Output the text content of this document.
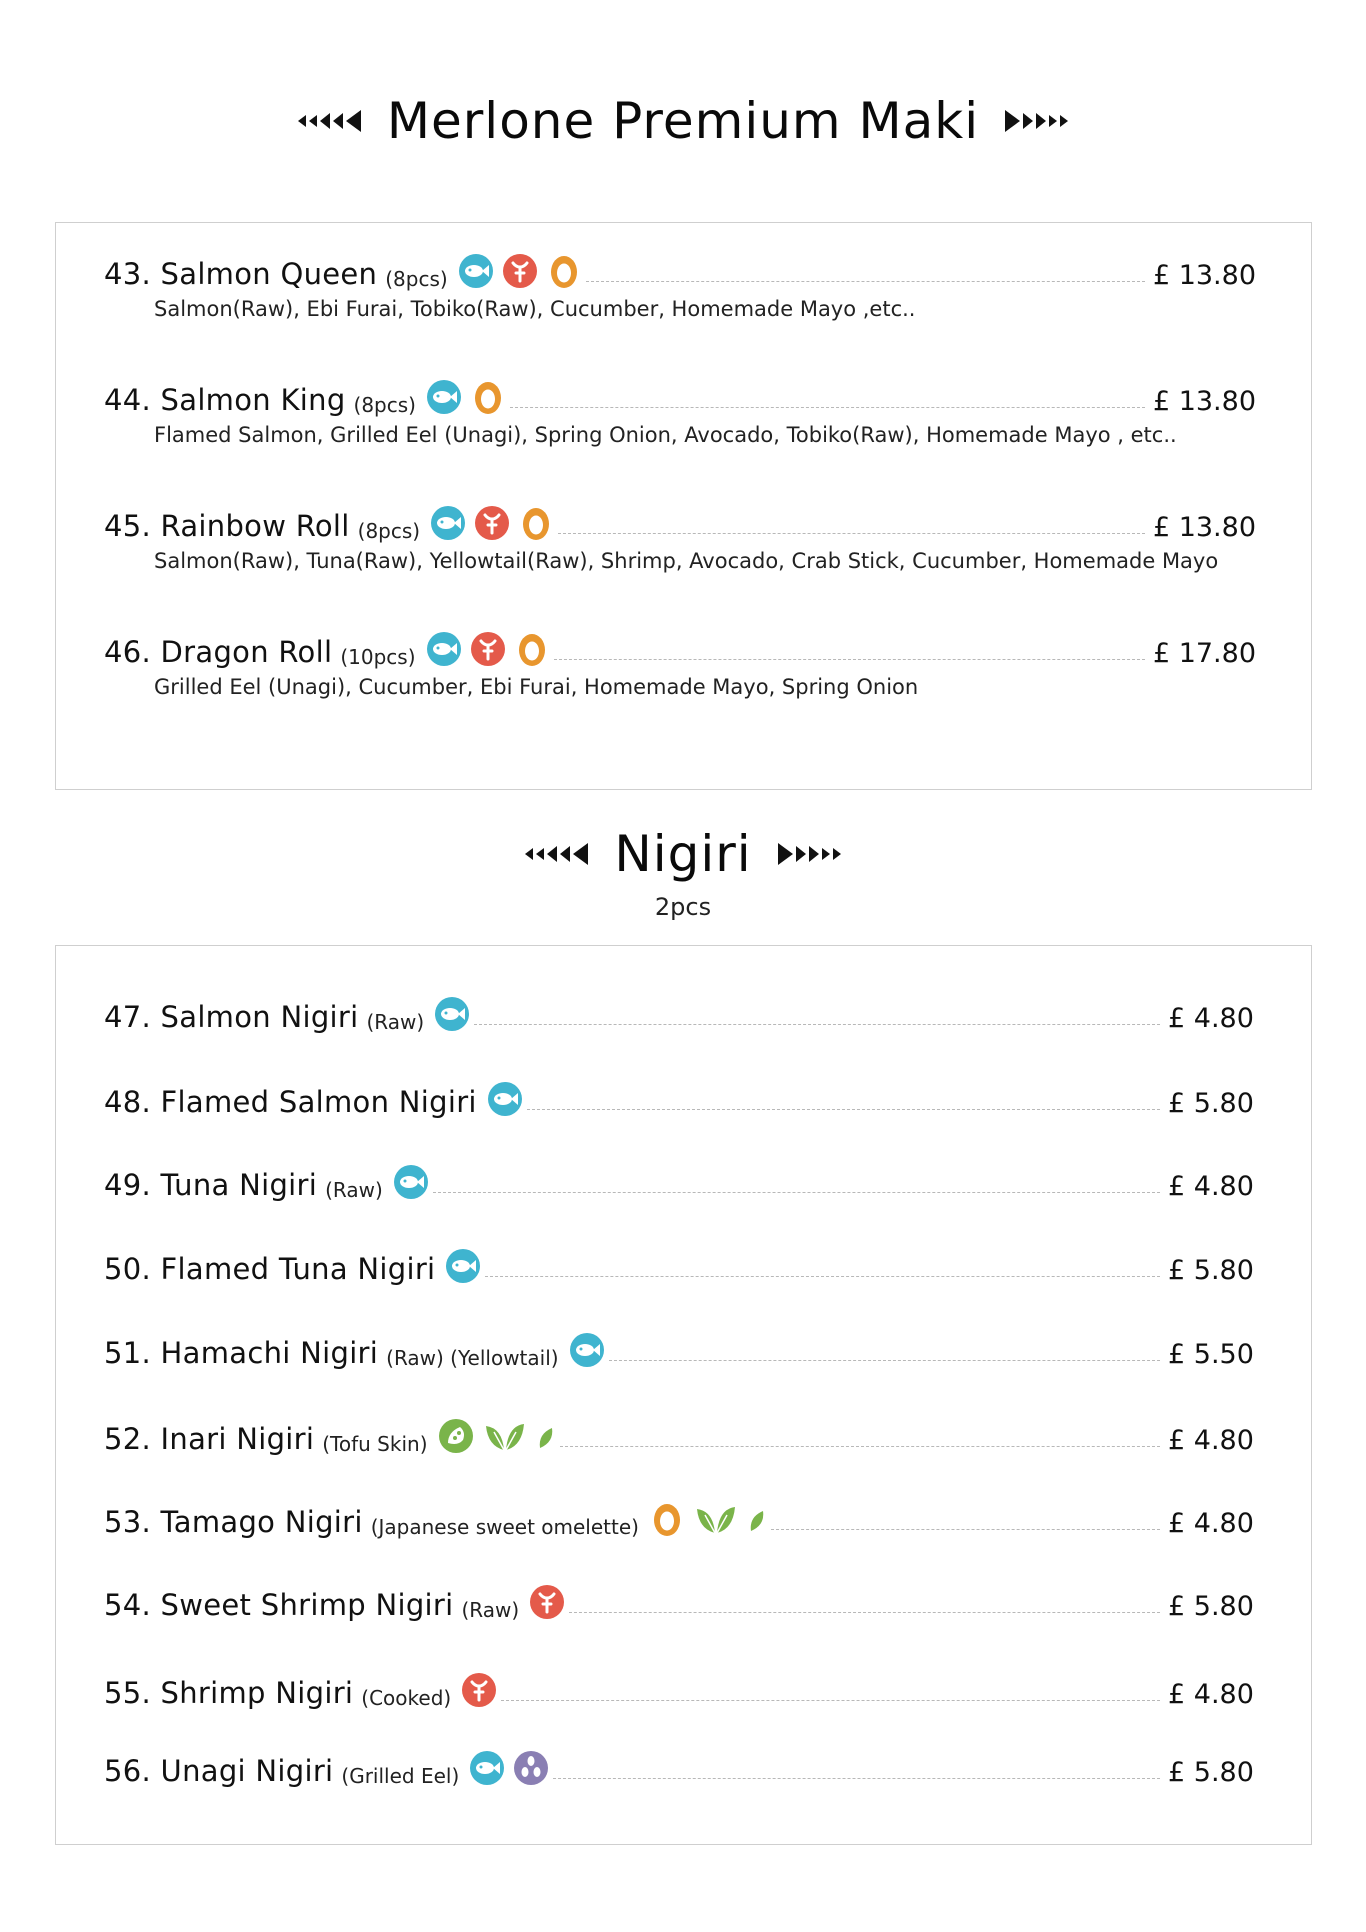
Merlone Premium Maki
43. Salmon Queen (8pcs)	£ 13.80
Salmon(Raw), Ebi Furai, Tobiko(Raw), Cucumber, Homemade Mayo ,etc..
44. Salmon King (8pcs)	£ 13.80
Flamed Salmon, Grilled Eel (Unagi), Spring Onion, Avocado, Tobiko(Raw), Homemade Mayo , etc..
45. Rainbow Roll (8pcs)	£ 13.80
Salmon(Raw), Tuna(Raw), Yellowtail(Raw), Shrimp, Avocado, Crab Stick, Cucumber, Homemade Mayo
46. Dragon Roll (10pcs)	£ 17.80
Grilled Eel (Unagi), Cucumber, Ebi Furai, Homemade Mayo, Spring Onion
Nigiri
2pcs
47. Salmon Nigiri (Raw)	£ 4.80
48. Flamed Salmon Nigiri	£ 5.80
49. Tuna Nigiri (Raw)	£ 4.80
50. Flamed Tuna Nigiri	£ 5.80
51. Hamachi Nigiri (Raw) (Yellowtail)	£ 5.50
52. Inari Nigiri (Tofu Skin)	£ 4.80
53. Tamago Nigiri (Japanese sweet omelette)	£ 4.80
54. Sweet Shrimp Nigiri (Raw)	£ 5.80
55. Shrimp Nigiri (Cooked)	£ 4.80
56. Unagi Nigiri (Grilled Eel)	£ 5.80
